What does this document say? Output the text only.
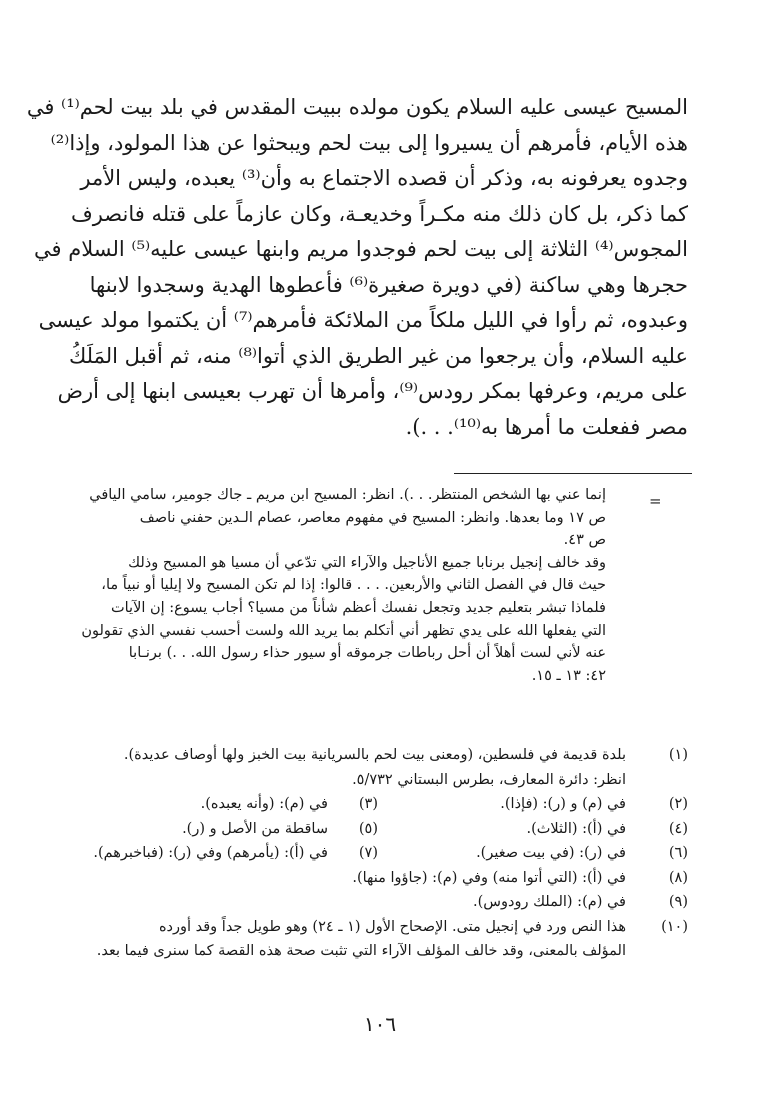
المسيح عيسى عليه السلام يكون مولده ببيت المقدس في بلد بيت لحم⁽¹⁾ في
هذه الأيام، فأمرهم أن يسيروا إلى بيت لحم ويبحثوا عن هذا المولود، وإذا⁽²⁾
وجدوه يعرفونه به، وذكر أن قصده الاجتماع به وأن⁽³⁾ يعبده، وليس الأمر
كما ذكر، بل كان ذلك منه مكـراً وخديعـة، وكان عازماً على قتله فانصرف
المجوس⁽⁴⁾ الثلاثة إلى بيت لحم فوجدوا مريم وابنها عيسى عليه⁽⁵⁾ السلام في
حجرها وهي ساكنة (في دويرة صغيرة⁽⁶⁾ فأعطوها الهدية وسجدوا لابنها
وعبدوه، ثم رأوا في الليل ملكاً من الملائكة فأمرهم⁽⁷⁾ أن يكتموا مولد عيسى
عليه السلام، وأن يرجعوا من غير الطريق الذي أتوا⁽⁸⁾ منه، ثم أقبل المَلَكُ
على مريم، وعرفها بمكر رودس⁽⁹⁾، وأمرها أن تهرب بعيسى ابنها إلى أرض
مصر ففعلت ما أمرها به⁽¹⁰⁾. . .).
=
إنما عني بها الشخص المنتظر. . .). انظر: المسيح ابن مريم ـ جاك جومير، سامي اليافي
ص ١٧ وما بعدها. وانظر: المسيح في مفهوم معاصر، عصام الـدين حفني ناصف
ص ٤٣.
وقد خالف إنجيل برنابا جميع الأناجيل والآراء التي تدّعي أن مسيا هو المسيح وذلك
حيث قال في الفصل الثاني والأربعين. . . . قالوا: إذا لم تكن المسيح ولا إيليا أو نبياً ما،
فلماذا تبشر بتعليم جديد وتجعل نفسك أعظم شأناً من مسيا؟ أجاب يسوع: إن الآيات
التي يفعلها الله على يدي تظهر أني أتكلم بما يريد الله ولست أحسب نفسي الذي تقولون
عنه لأني لست أهلاً أن أحل رباطات جرموقه أو سيور حذاء رسول الله. . .) برنـابا
٤٢: ١٣ ـ ١٥.
(١)
بلدة قديمة في فلسطين، (ومعنى بيت لحم بالسريانية بيت الخبز ولها أوصاف عديدة).
انظر: دائرة المعارف، بطرس البستاني ٥/٧٣٢.
(٢)
في (م) و (ر): (فإذا).
(٣)
في (م): (وأنه يعبده).
(٤)
في (أ): (الثلاث).
(٥)
ساقطة من الأصل و (ر).
(٦)
في (ر): (في بيت صغير).
(٧)
في (أ): (يأمرهم) وفي (ر): (فباخبرهم).
(٨)
في (أ): (التي أتوا منه) وفي (م): (جاؤوا منها).
(٩)
في (م): (الملك رودوس).
(١٠)
هذا النص ورد في إنجيل متى. الإصحاح الأول (١ ـ ٢٤) وهو طويل جداً وقد أورده
المؤلف بالمعنى، وقد خالف المؤلف الآراء التي تثبت صحة هذه القصة كما سنرى فيما بعد.
١٠٦
